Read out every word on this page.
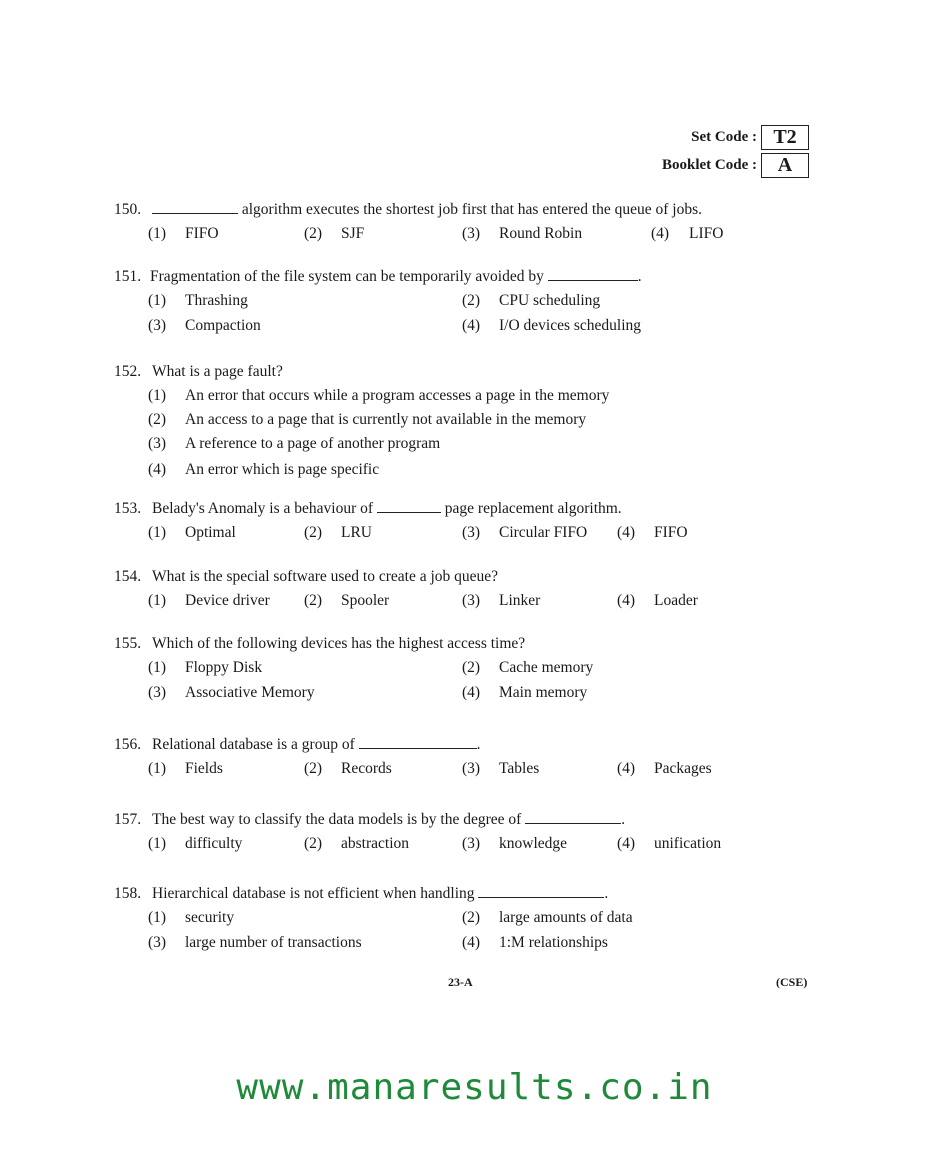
Set Code : T2
Booklet Code :	A
150.	algorithm executes the shortest job first that has entered the queue of jobs.
(1) FIFO	(2) SJF	(3) Round Robin	(4) LIFO
151. Fragmentation of the file system can be temporarily avoided by	.
(1) Thrashing	(2) CPU scheduling
(3) Compaction	(4) I/O devices scheduling
152. What is a page fault?
(1) An error that occurs while a program accesses a page in the memory
(2) An access to a page that is currently not available in the memory
(3) A reference to a page of another program
(4) An error which is page specific
153. Belady's Anomaly is a behaviour of	page replacement algorithm.
(1) Optimal	(2) LRU	(3) Circular FIFO (4) FIFO
154. What is the special software used to create a job queue?
(1) Device driver (2) Spooler	(3) Linker	(4) Loader
155. Which of the following devices has the highest access time?
(1) Floppy Disk	(2) Cache memory
(3) Associative Memory	(4) Main memory
156. Relational database is a group of	.
(1) Fields	(2) Records	(3) Tables	(4) Packages
157. The best way to classify the data models is by the degree of	.
(1) difficulty	(2) abstraction	(3) knowledge	(4) unification
158. Hierarchical database is not efficient when handling	.
(1) security	(2) large amounts of data
(3) large number of transactions	(4) 1:M relationships
23-A	(CSE)
www.manaresults.co.in
